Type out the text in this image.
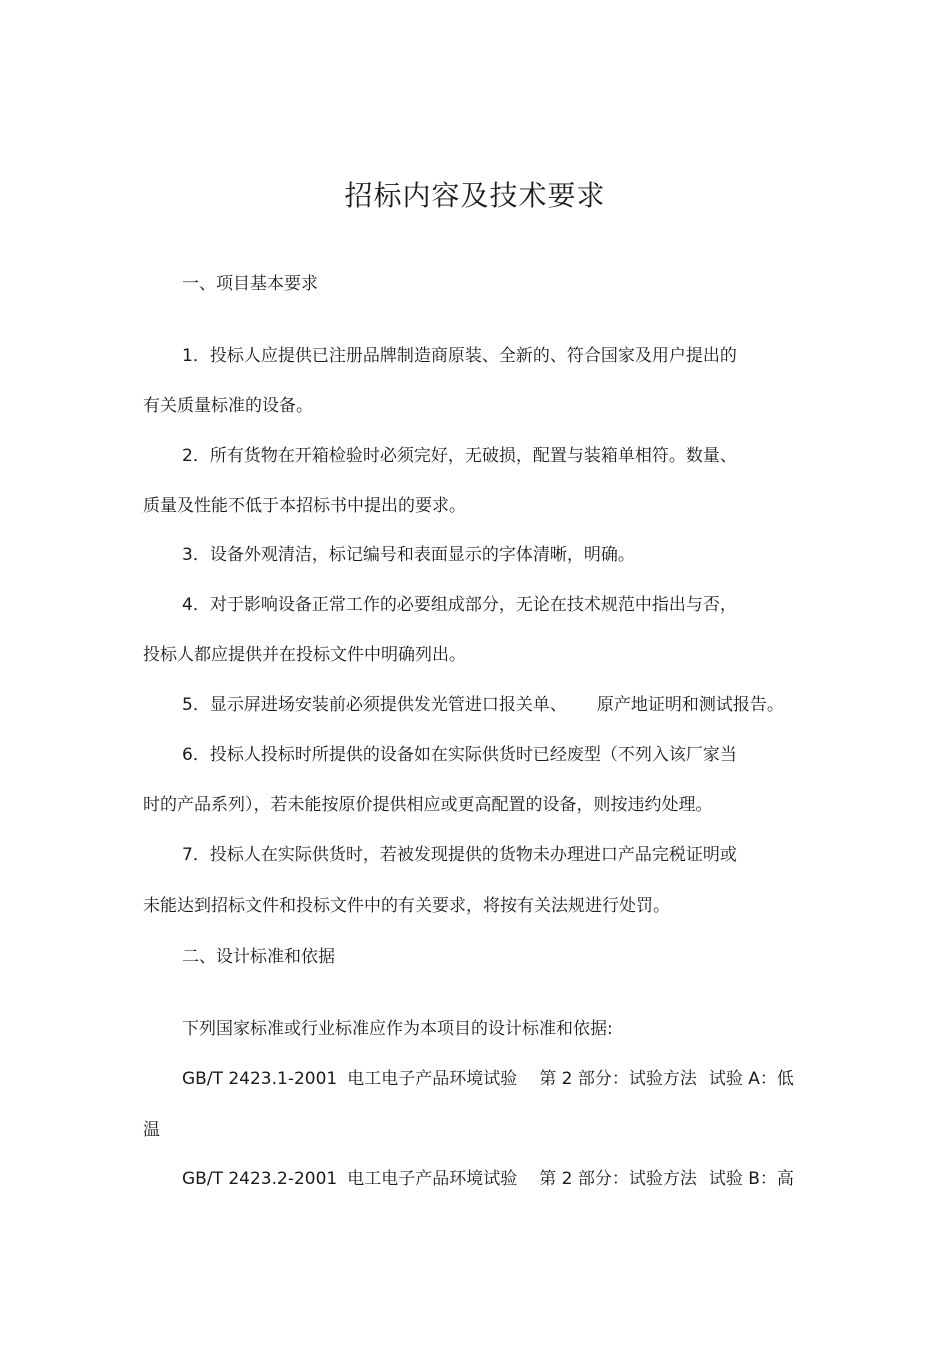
招标内容及技术要求
一、项目基本要求
1．投标人应提供已注册品牌制造商原装、全新的、符合国家及用户提出的
有关质量标准的设备。
2．所有货物在开箱检验时必须完好，无破损，配置与装箱单相符。数量、
质量及性能不低于本招标书中提出的要求。
3．设备外观清洁，标记编号和表面显示的字体清晰，明确。
4．对于影响设备正常工作的必要组成部分，无论在技术规范中指出与否，
投标人都应提供并在投标文件中明确列出。
5．显示屏进场安装前必须提供发光管进口报关单、 原产地证明和测试报告。
6．投标人投标时所提供的设备如在实际供货时已经废型（不列入该厂家当
时的产品系列），若未能按原价提供相应或更高配置的设备，则按违约处理。
7．投标人在实际供货时，若被发现提供的货物未办理进口产品完税证明或
未能达到招标文件和投标文件中的有关要求，将按有关法规进行处罚。
二、设计标准和依据
下列国家标准或行业标准应作为本项目的设计标准和依据:
GB/T 2423.1-2001 电工电子产品环境试验 第 2 部分：试验方法 试验 A：低
温
GB/T 2423.2-2001 电工电子产品环境试验 第 2 部分：试验方法 试验 B：高
